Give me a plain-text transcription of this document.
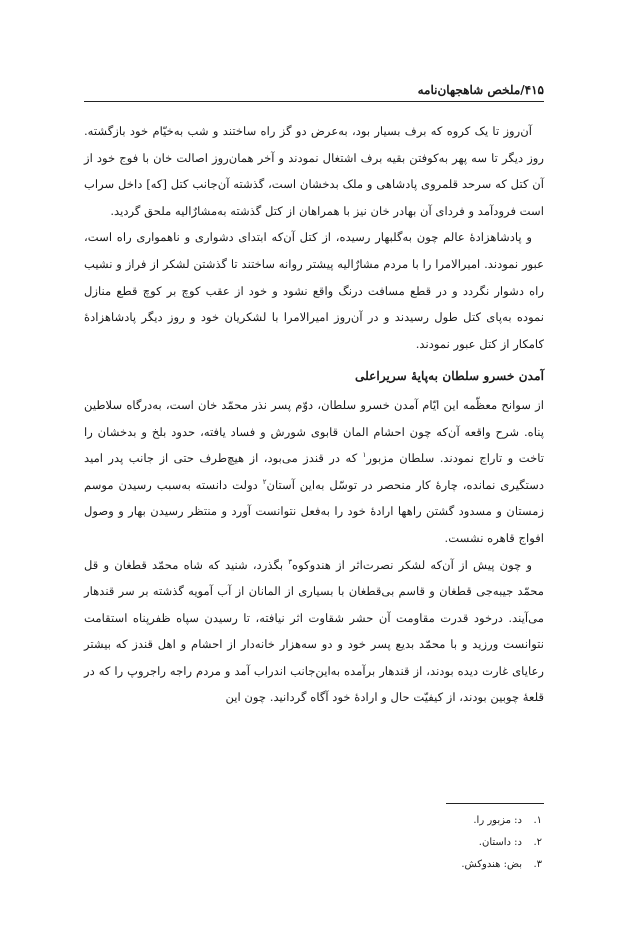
۴۱۵/ملخص شاهجهان‌نامه

آن‌روز تا یک کروه که برف بسیار بود، به‌عرض دو گز راه ساختند و شب به‌خیّام خود بازگشته. روز دیگر تا سه پهر به‌کوفتن بقیه برف اشتغال نمودند و آخر همان‌روز اصالت خان با فوج خود از آن کتل که سرحد قلمروی پادشاهی و ملک بدخشان است، گذشته آن‌جانب کتل [که] داخل سراب است فرودآمد و فردای آن بهادر خان نیز با همراهان از کتل گذشته به‌مشارٌالیه ملحق گردید.

و پادشاهزادهٔ عالم چون به‌گلبهار رسیده، از کتل آن‌که ابتدای دشواری و ناهمواری راه است، عبور نمودند. امیرالامرا را با مردم مشارٌالیه پیشتر روانه ساختند تا گذشتن لشکر از فراز و نشیب راه دشوار نگردد و در قطع مسافت درنگ واقع نشود و خود از عقب کوچ بر کوچ قطع منازل نموده به‌پای کتل طول رسیدند و در آن‌روز امیرالامرا با لشکریان خود و روز دیگر پادشاهزادهٔ کامکار از کتل عبور نمودند.

آمدن خسرو سلطان به‌پایهٔ سریراعلی

از سوانح معظّمه این ایّام آمدن خسرو سلطان، دوّم پسر نذر محمّد خان است، به‌درگاه سلاطین پناه. شرح واقعه آن‌که چون احشام المان قابوی شورش و فساد یافته، حدود بلخ و بدخشان را تاخت و تاراج نمودند. سلطان مزبور$^۱$ که در قندز می‌بود، از هیچ‌طرف حتی از جانب پدر امید دستگیری نمانده، چارهٔ کار منحصر در توسّل به‌این آستان$^۲$ دولت دانسته به‌سبب رسیدن موسم زمستان و مسدود گشتن راهها ارادهٔ خود را به‌فعل نتوانست آورد و منتظر رسیدن بهار و وصول افواج قاهره نشست.

و چون پیش از آن‌که لشکر نصرت‌اثر از هندوکوه$^۳$ بگذرد، شنید که شاه محمّد قطغان و قل محمّد جیبه‌جی قطغان و قاسم بی‌قطغان با بسیاری از المانان از آب آمویه گذشته بر سر قندهار می‌آیند. درخود قدرت مقاومت آن حشر شقاوت اثر نیافته، تا رسیدن سپاه ظفرپناه استقامت نتوانست ورزید و با محمّد بدیع پسر خود و دو سه‌هزار خانه‌دار از احشام و اهل قندز که بیشتر رعایای غارت دیده بودند، از قندهار برآمده به‌این‌جانب اندراب آمد و مردم راجه راجروپ را که در قلعهٔ چوبین بودند، از کیفیّت حال و ارادهٔ خود آگاه گردانید. چون این

۱.
د: مزبور را.
۲.
د: داستان.
۳.
بض: هندوکش.
